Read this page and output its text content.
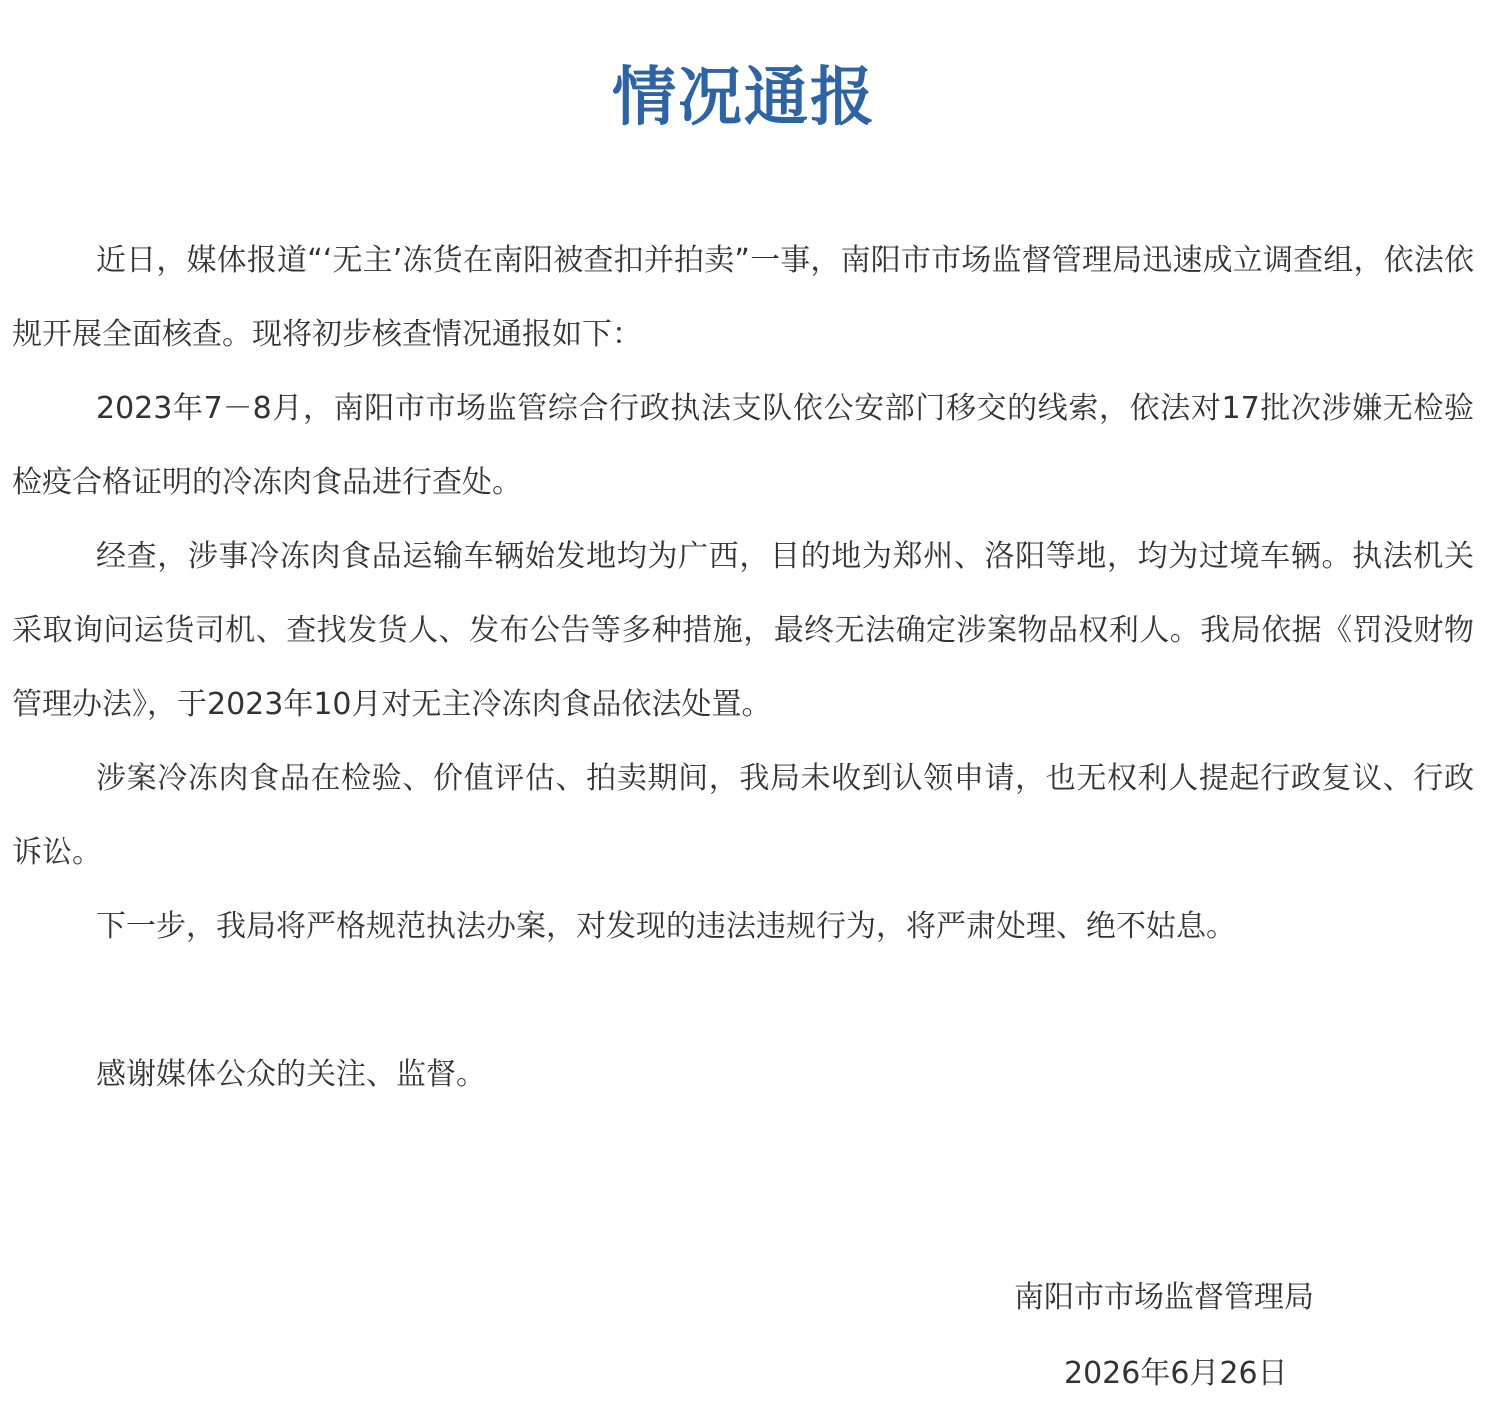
情况通报

近日，媒体报道“‘无主’冻货在南阳被查扣并拍卖”一事，南阳市市场监督管理局迅速成立调查组，依法依规开展全面核查。现将初步核查情况通报如下：

2023年7－8月，南阳市市场监管综合行政执法支队依公安部门移交的线索，依法对17批次涉嫌无检验检疫合格证明的冷冻肉食品进行查处。

经查，涉事冷冻肉食品运输车辆始发地均为广西，目的地为郑州、洛阳等地，均为过境车辆。执法机关采取询问运货司机、查找发货人、发布公告等多种措施，最终无法确定涉案物品权利人。我局依据《罚没财物管理办法》，于2023年10月对无主冷冻肉食品依法处置。

涉案冷冻肉食品在检验、价值评估、拍卖期间，我局未收到认领申请，也无权利人提起行政复议、行政诉讼。

下一步，我局将严格规范执法办案，对发现的违法违规行为，将严肃处理、绝不姑息。

感谢媒体公众的关注、监督。

南阳市市场监督管理局

2026年6月26日
